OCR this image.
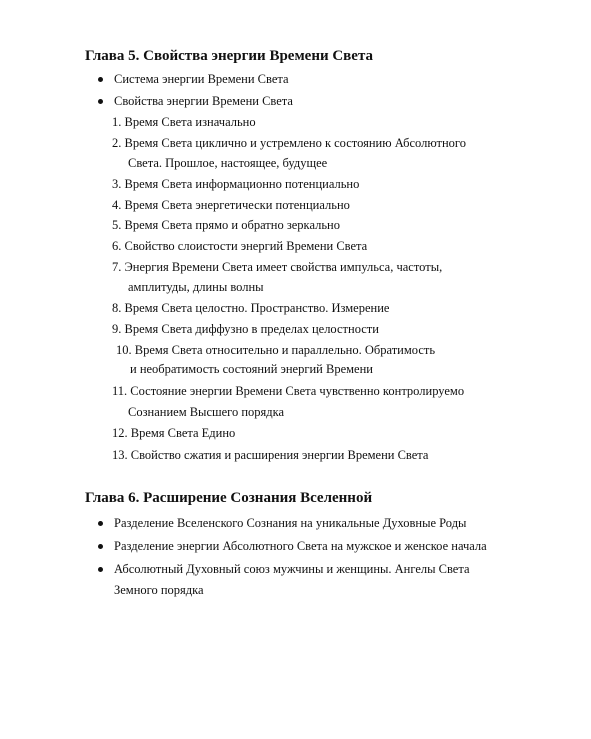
Глава 5. Свойства энергии Времени Света
Система энергии Времени Света
Свойства энергии Времени Света
1. Время Света изначально
2. Время Света циклично и устремлено к состоянию Абсолютного
Света. Прошлое, настоящее, будущее
3. Время Света информационно потенциально
4. Время Света энергетически потенциально
5. Время Света прямо и обратно зеркально
6. Свойство слоистости энергий Времени Света
7. Энергия Времени Света имеет свойства импульса, частоты,
амплитуды, длины волны
8. Время Света целостно. Пространство. Измерение
9. Время Света диффузно в пределах целостности
10. Время Света относительно и параллельно. Обратимость
и необратимость состояний энергий Времени
11. Состояние энергии Времени Света чувственно контролируемо
Сознанием Высшего порядка
12. Время Света Едино
13. Свойство сжатия и расширения энергии Времени Света
Глава 6. Расширение Сознания Вселенной
Разделение Вселенского Сознания на уникальные Духовные Роды
Разделение энергии Абсолютного Света на мужское и женское начала
Абсолютный Духовный союз мужчины и женщины. Ангелы Света
Земного порядка
